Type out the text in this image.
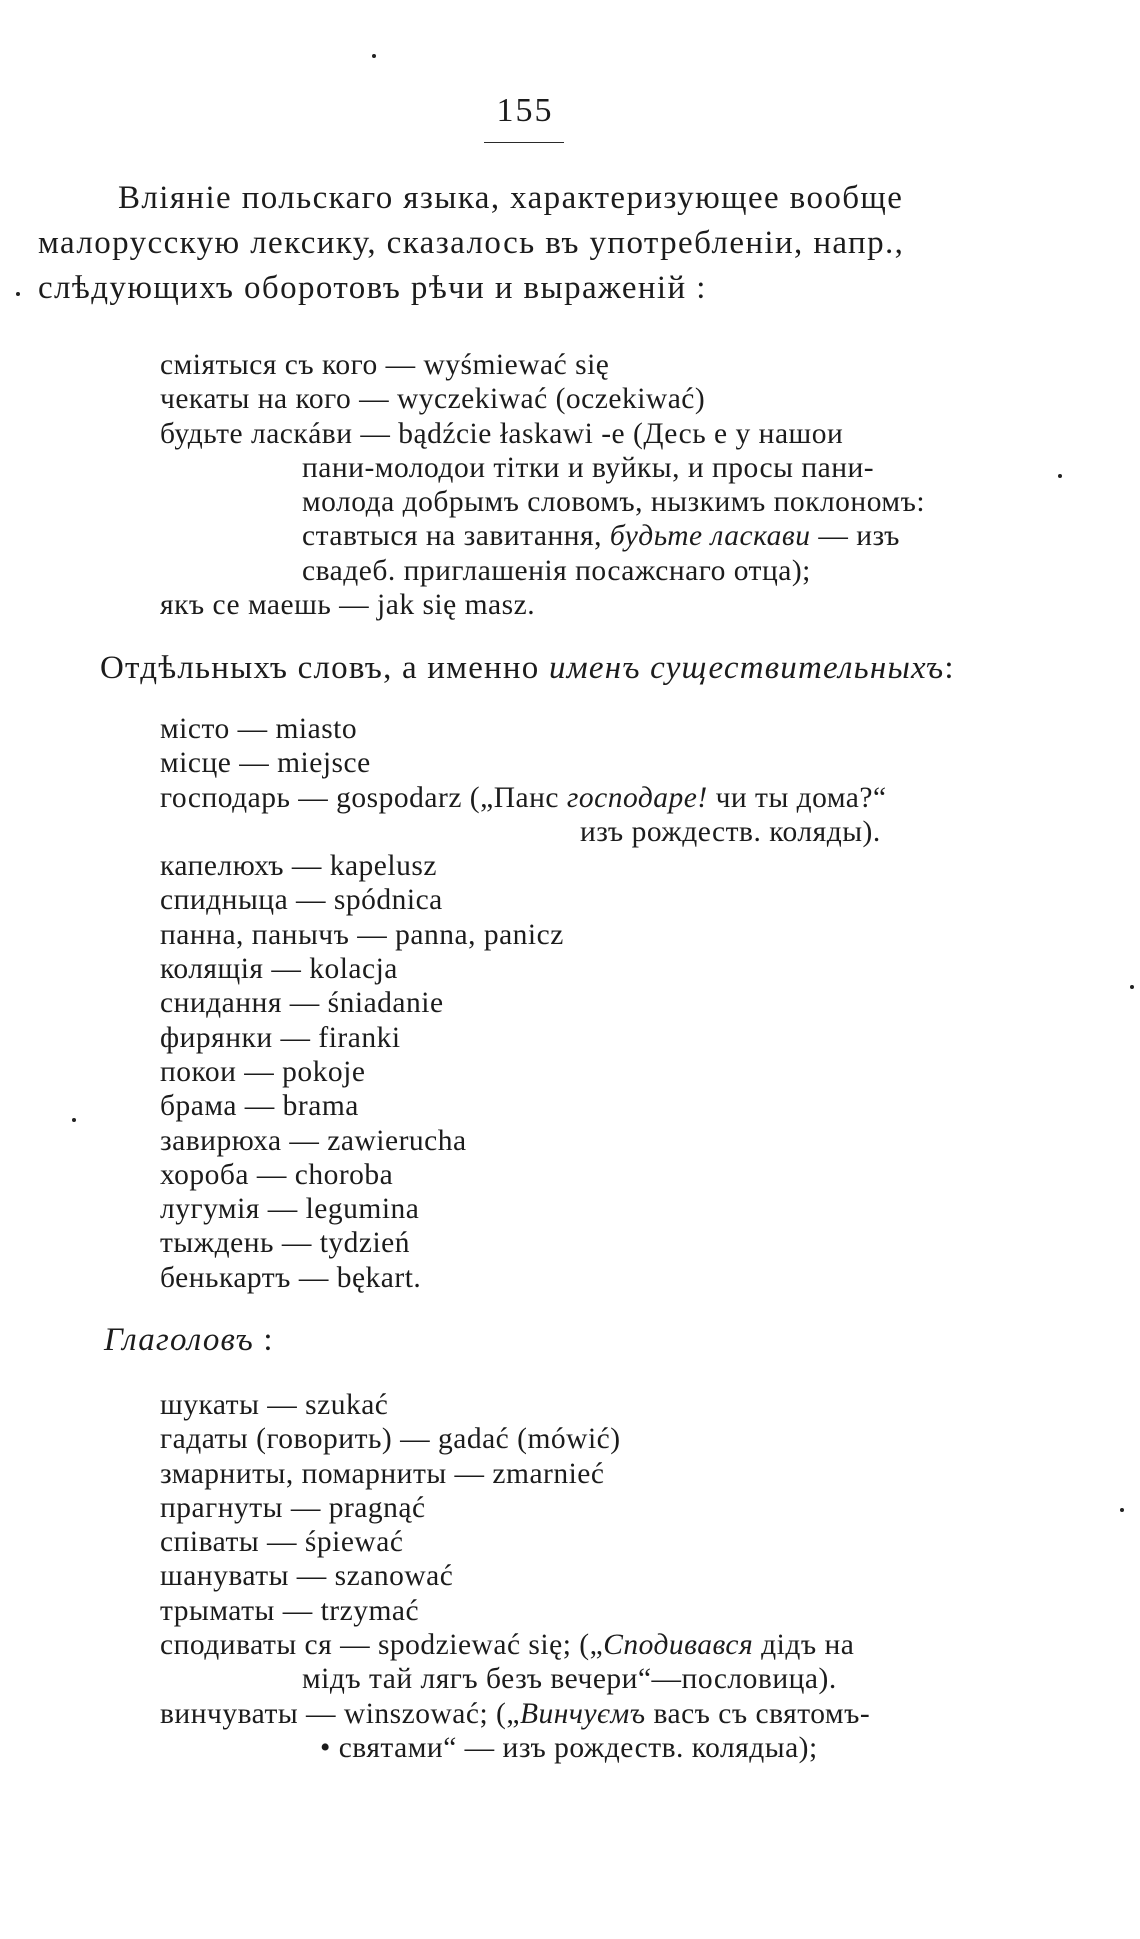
155
Влiянiе польскаго языка, характеризующее вообще
малорусскую лексику, сказалось въ употребленiи, напр.,
слѣдующихъ оборотовъ рѣчи и выраженiй :
смiятыся съ кого — wyśmiewać się
чекаты на кого — wyczekiwać (oczekiwać)
будьте ласкáви — bądźcie łaskawi -e (Десь е у нашои
пани-молодои тiтки и вуйкы, и просы пани-
молода добрымъ словомъ, нызкимъ поклономъ:
ставтыся на завитання, будьте ласкави — изъ
свадеб. приглашенiя посажснаго отца);
якъ се маешь — jak się masz.
Отдѣльныхъ словъ, а именно именъ существительныхъ:
мiсто — miasto
мiсце — miejsce
господарь — gospodarz („Панс господаре! чи ты дома?“
изъ рождеств. коляды).
капелюхъ — kapelusz
спидныца — spódnica
панна, панычъ — panna, panicz
колящiя — kolacja
снидання — śniadanie
фирянки — firanki
покои — pokoje
брама — brama
завирюха — zawierucha
хороба — choroba
лугумiя — legumina
тыждень — tydzień
бенькартъ — bękart.
Глаголовъ :
шукаты — szukać
гадаты (говорить) — gadać (mówić)
змарниты, помарниты — zmarnieć
прагнуты — pragnąć
спiваты — śpiewać
шануваты — szanować
трыматы — trzymać
сподиваты ся — spodziewać się; („Сподивався дiдъ на
мiдъ тай лягъ безъ вечери“—пословица).
винчуваты — winszować; („Винчуємъ васъ съ святомъ-
• святами“ — изъ рождеств. колядыа);
